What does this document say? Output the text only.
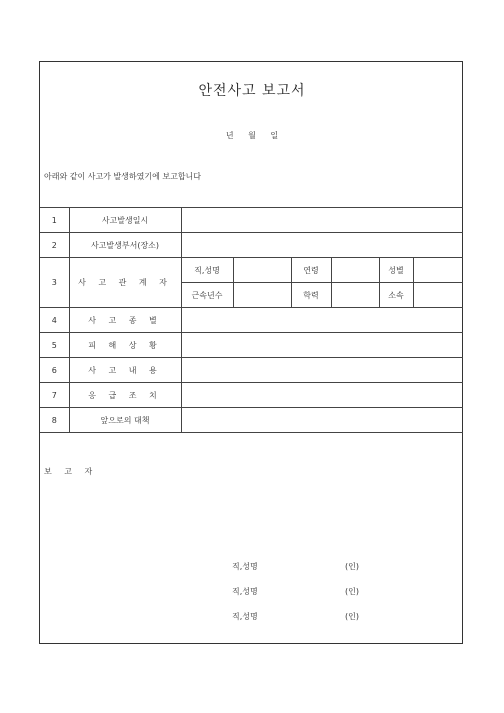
안전사고 보고서
년 월 일
아래와 같이 사고가 발생하였기에 보고합니다
1	사고발생일시						
2	사고발생부서(장소)						
3	사 고 관 계 자	직,성명		연령		성별	
		근속년수		학력		소속	
4	사 고 종 별						
5	피 해 상 황						
6	사 고 내 용						
7	응 급 조 치						
8	앞으로의 대책						
보 고 자
직,성명	(인)
직,성명	(인)
직,성명	(인)
